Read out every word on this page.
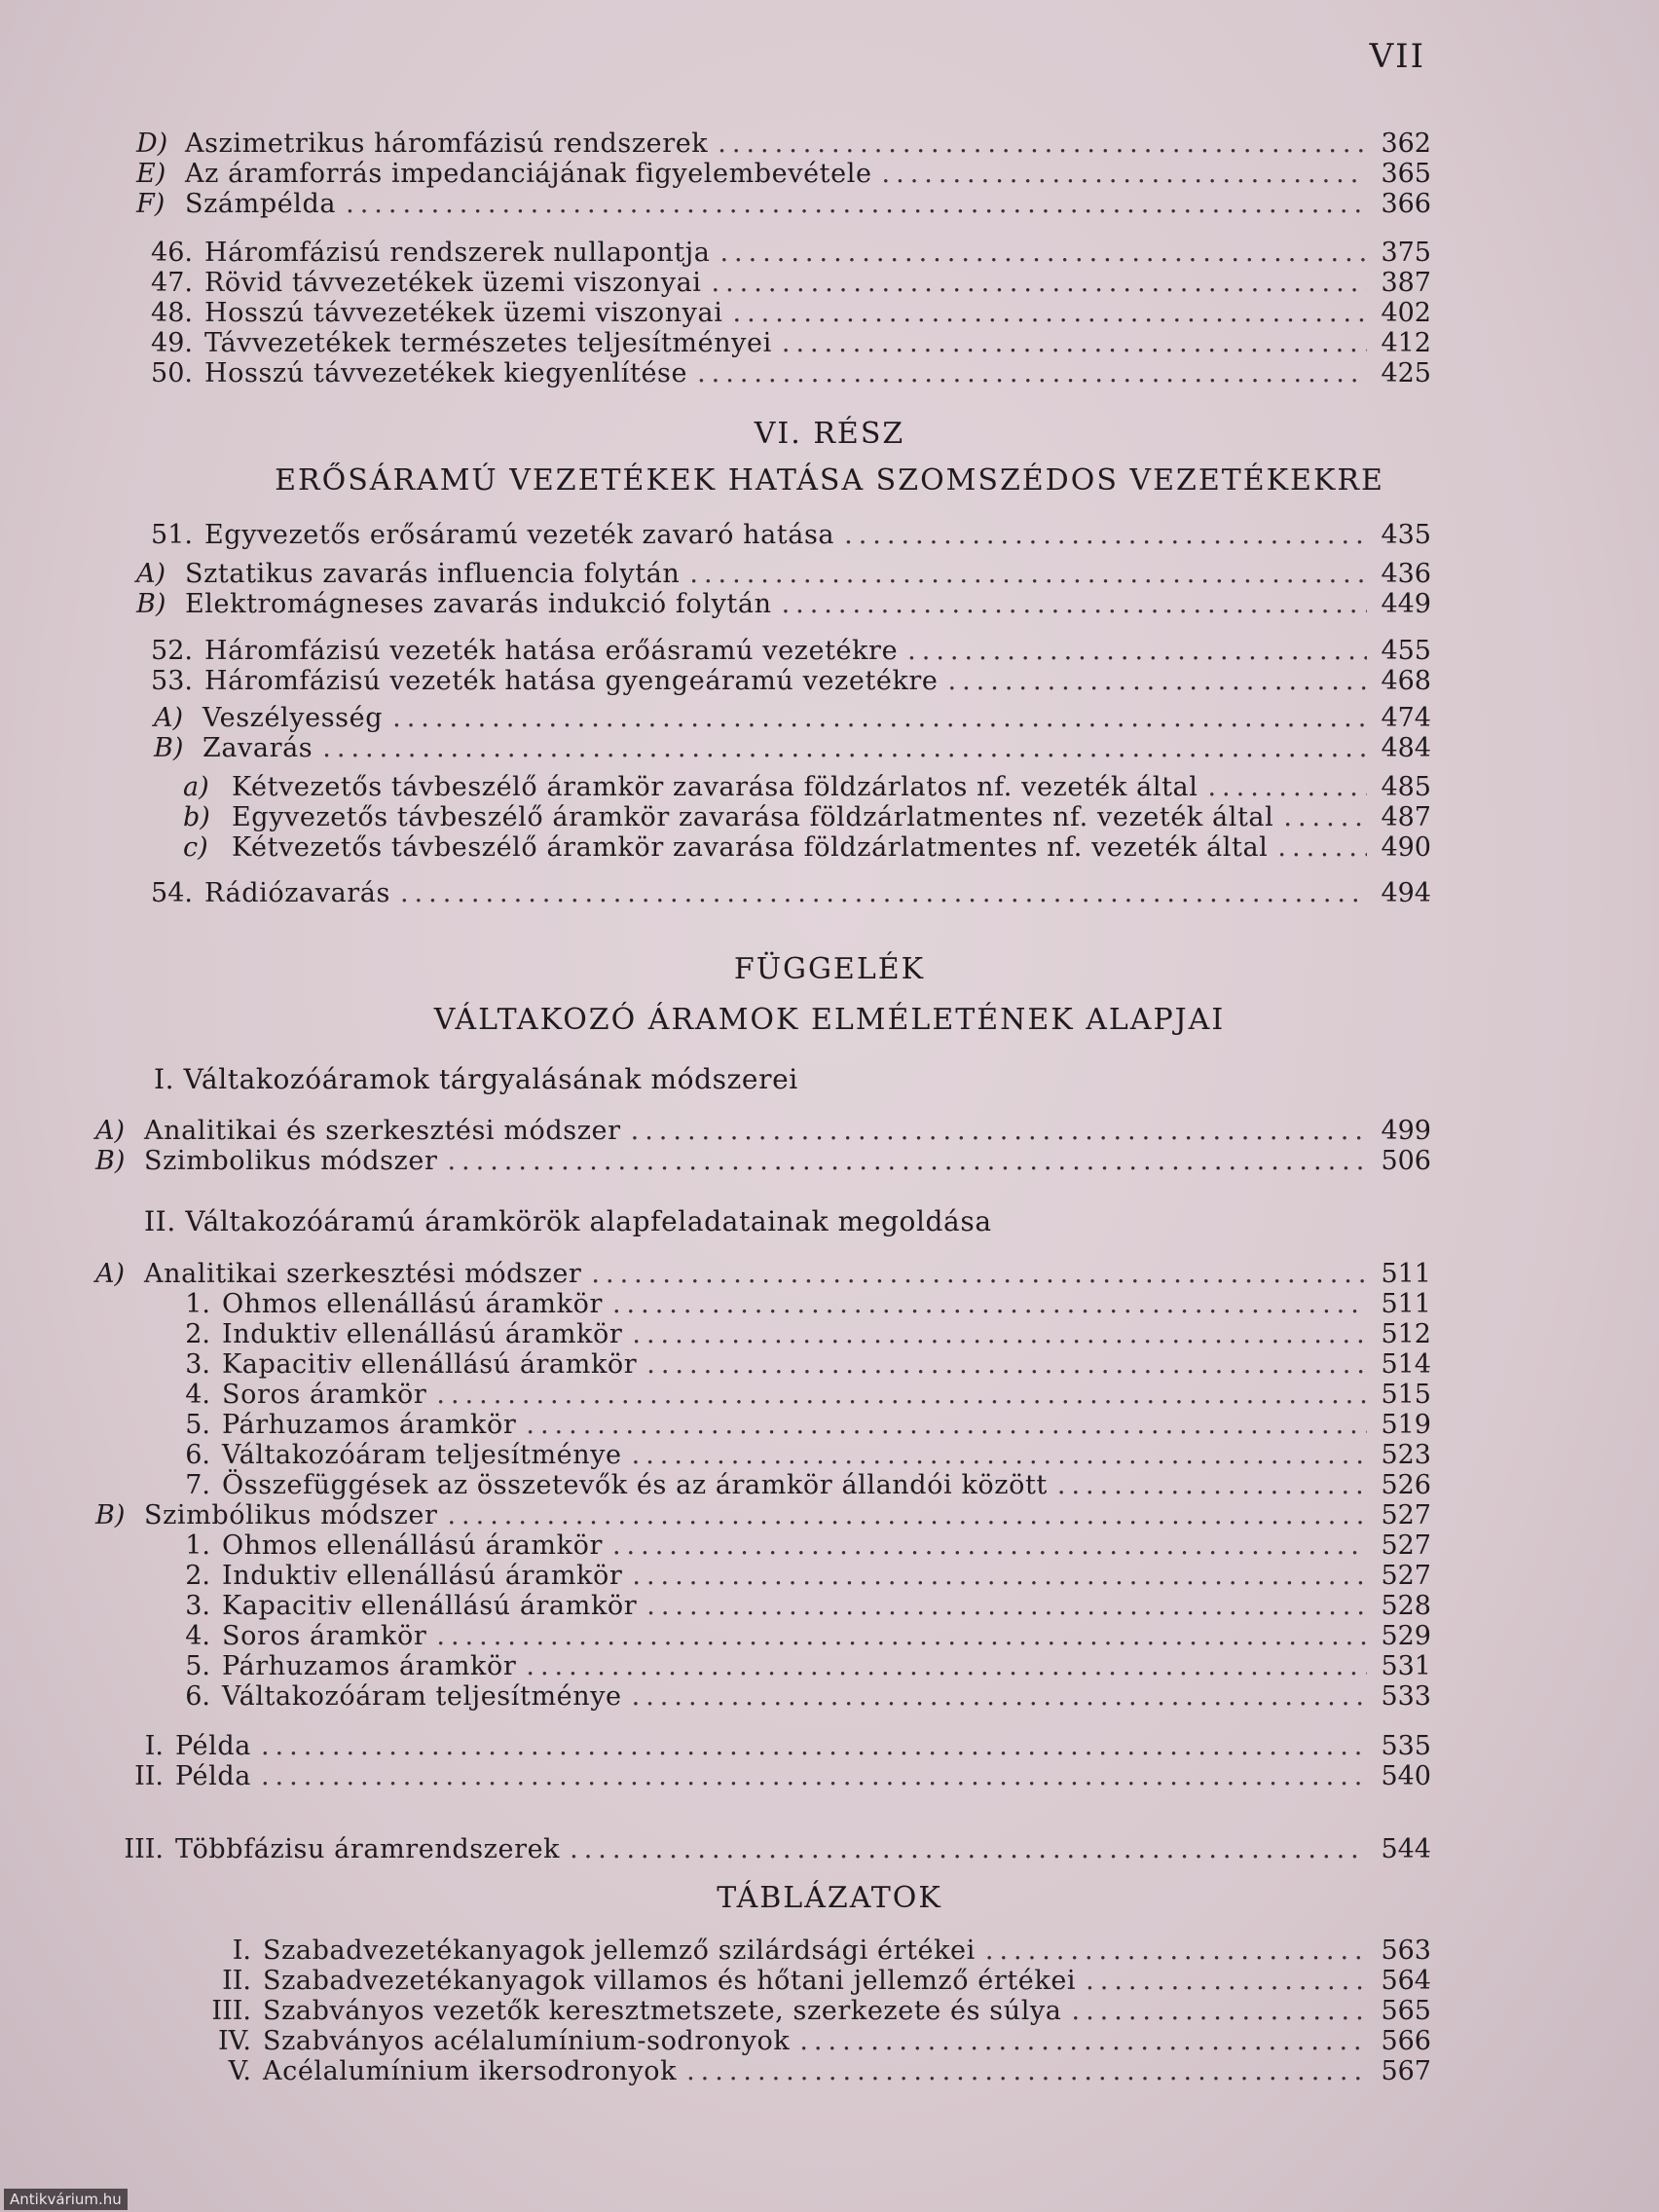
VII
VI. RÉSZ
ERŐSÁRAMÚ VEZETÉKEK HATÁSA SZOMSZÉDOS VEZETÉKEKRE
FÜGGELÉK
VÁLTAKOZÓ ÁRAMOK ELMÉLETÉNEK ALAPJAI
I. Váltakozóáramok tárgyalásának módszerei
II. Váltakozóáramú áramkörök alapfeladatainak megoldása
TÁBLÁZATOK
D) Aszimetrikus háromfázisú rendszerek .....	362
E) Az áramforrás impedanciájának figyelembevétele .....	365
F) Számpélda .....	366
46. Háromfázisú rendszerek nullapontja .....	375
47. Rövid távvezetékek üzemi viszonyai .....	387
48. Hosszú távvezetékek üzemi viszonyai .....	402
49. Távvezetékek természetes teljesítményei .....	412
50. Hosszú távvezetékek kiegyenlítése .....	425
51. Egyvezetős erősáramú vezeték zavaró hatása .....	435
A) Sztatikus zavarás influencia folytán .....	436
B) Elektromágneses zavarás indukció folytán .....	449
52. Háromfázisú vezeték hatása erőásramú vezetékre .....	455
53. Háromfázisú vezeték hatása gyengeáramú vezetékre .....	468
A) Veszélyesség .....	474
B) Zavarás .....	484
a) Kétvezetős távbeszélő áramkör zavarása földzárlatos nf. vezeték által .....	485
b) Egyvezetős távbeszélő áramkör zavarása földzárlatmentes nf. vezeték által .....	487
c) Kétvezetős távbeszélő áramkör zavarása földzárlatmentes nf. vezeték által .....	490
54. Rádiózavarás .....	494
A) Analitikai és szerkesztési módszer .....	499
B) Szimbolikus módszer .....	506
A) Analitikai szerkesztési módszer .....	511
1. Ohmos ellenállású áramkör .....	511
2. Induktiv ellenállású áramkör .....	512
3. Kapacitiv ellenállású áramkör .....	514
4. Soros áramkör .....	515
5. Párhuzamos áramkör .....	519
6. Váltakozóáram teljesítménye .....	523
7. Összefüggések az összetevők és az áramkör állandói között .....	526
B) Szimbólikus módszer .....	527
1. Ohmos ellenállású áramkör .....	527
2. Induktiv ellenállású áramkör .....	527
3. Kapacitiv ellenállású áramkör .....	528
4. Soros áramkör .....	529
5. Párhuzamos áramkör .....	531
6. Váltakozóáram teljesítménye .....	533
I. Példa .....	535
II. Példa .....	540
III. Többfázisu áramrendszerek .....	544
I. Szabadvezetékanyagok jellemző szilárdsági értékei .....	563
II. Szabadvezetékanyagok villamos és hőtani jellemző értékei .....	564
III. Szabványos vezetők keresztmetszete, szerkezete és súlya .....	565
IV. Szabványos acélalumínium-sodronyok .....	566
V. Acélalumínium ikersodronyok .....	567
Antikvárium.hu
